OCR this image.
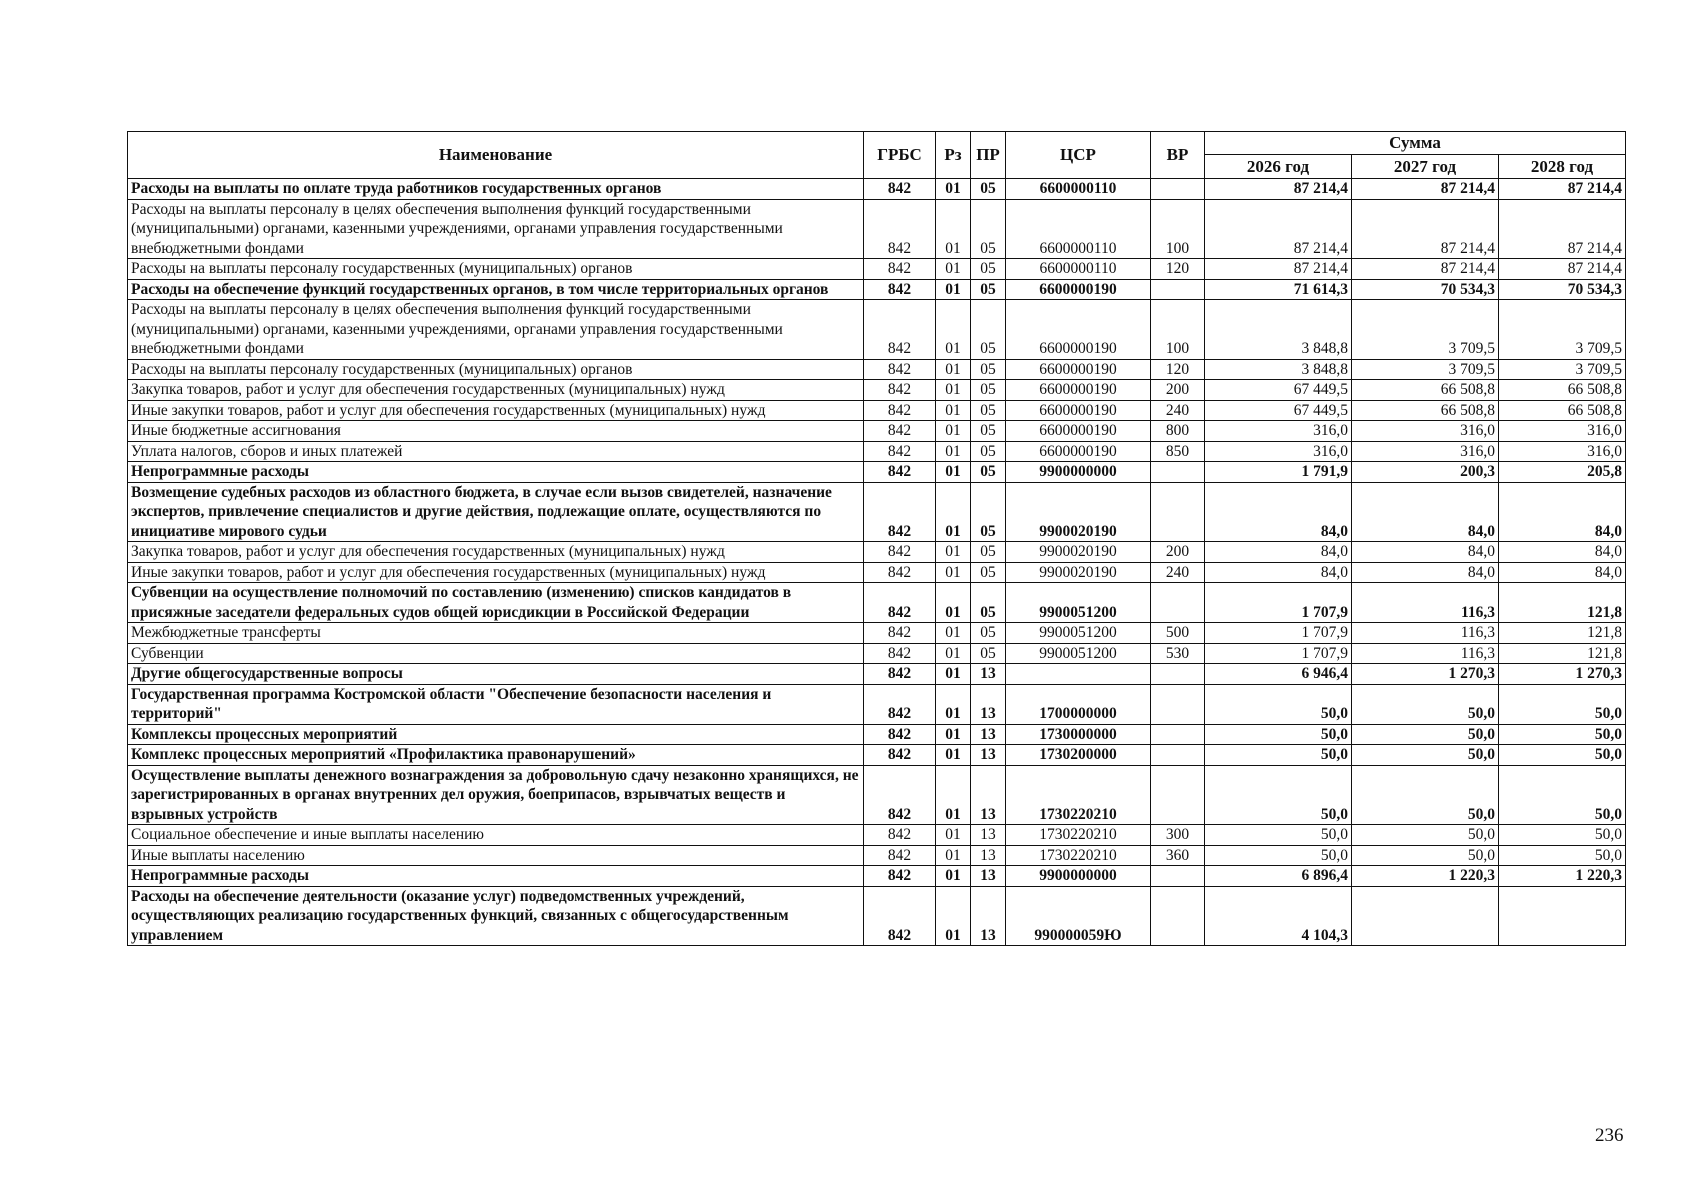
Наименование	ГРБС	Рз	ПР	ЦСР	ВР	Сумма		
						2026 год	2027 год	2028 год
Расходы на выплаты по оплате труда работников государственных органов	842	01	05	6600000110		87 214,4	87 214,4	87 214,4
Расходы на выплаты персоналу в целях обеспечения выполнения функций государственными (муниципальными) органами, казенными учреждениями, органами управления государственными внебюджетными фондами	842	01	05	6600000110	100	87 214,4	87 214,4	87 214,4
Расходы на выплаты персоналу государственных (муниципальных) органов	842	01	05	6600000110	120	87 214,4	87 214,4	87 214,4
Расходы на обеспечение функций государственных органов, в том числе территориальных органов	842	01	05	6600000190		71 614,3	70 534,3	70 534,3
Расходы на выплаты персоналу в целях обеспечения выполнения функций государственными (муниципальными) органами, казенными учреждениями, органами управления государственными внебюджетными фондами	842	01	05	6600000190	100	3 848,8	3 709,5	3 709,5
Расходы на выплаты персоналу государственных (муниципальных) органов	842	01	05	6600000190	120	3 848,8	3 709,5	3 709,5
Закупка товаров, работ и услуг для обеспечения государственных (муниципальных) нужд	842	01	05	6600000190	200	67 449,5	66 508,8	66 508,8
Иные закупки товаров, работ и услуг для обеспечения государственных (муниципальных) нужд	842	01	05	6600000190	240	67 449,5	66 508,8	66 508,8
Иные бюджетные ассигнования	842	01	05	6600000190	800	316,0	316,0	316,0
Уплата налогов, сборов и иных платежей	842	01	05	6600000190	850	316,0	316,0	316,0
Непрограммные расходы	842	01	05	9900000000		1 791,9	200,3	205,8
Возмещение судебных расходов из областного бюджета, в случае если вызов свидетелей, назначение экспертов, привлечение специалистов и другие действия, подлежащие оплате, осуществляются по инициативе мирового судьи	842	01	05	9900020190		84,0	84,0	84,0
Закупка товаров, работ и услуг для обеспечения государственных (муниципальных) нужд	842	01	05	9900020190	200	84,0	84,0	84,0
Иные закупки товаров, работ и услуг для обеспечения государственных (муниципальных) нужд	842	01	05	9900020190	240	84,0	84,0	84,0
Субвенции на осуществление полномочий по составлению (изменению) списков кандидатов в присяжные заседатели федеральных судов общей юрисдикции в Российской Федерации	842	01	05	9900051200		1 707,9	116,3	121,8
Межбюджетные трансферты	842	01	05	9900051200	500	1 707,9	116,3	121,8
Субвенции	842	01	05	9900051200	530	1 707,9	116,3	121,8
Другие общегосударственные вопросы	842	01	13			6 946,4	1 270,3	1 270,3
Государственная программа Костромской области "Обеспечение безопасности населения и территорий"	842	01	13	1700000000		50,0	50,0	50,0
Комплексы процессных мероприятий	842	01	13	1730000000		50,0	50,0	50,0
Комплекс процессных мероприятий «Профилактика правонарушений»	842	01	13	1730200000		50,0	50,0	50,0
Осуществление выплаты денежного вознаграждения за добровольную сдачу незаконно хранящихся, не зарегистрированных в органах внутренних дел оружия, боеприпасов, взрывчатых веществ и взрывных устройств	842	01	13	1730220210		50,0	50,0	50,0
Социальное обеспечение и иные выплаты населению	842	01	13	1730220210	300	50,0	50,0	50,0
Иные выплаты населению	842	01	13	1730220210	360	50,0	50,0	50,0
Непрограммные расходы	842	01	13	9900000000		6 896,4	1 220,3	1 220,3
Расходы на обеспечение деятельности (оказание услуг) подведомственных учреждений, осуществляющих реализацию государственных функций, связанных с общегосударственным управлением	842	01	13	990000059Ю		4 104,3		
236
